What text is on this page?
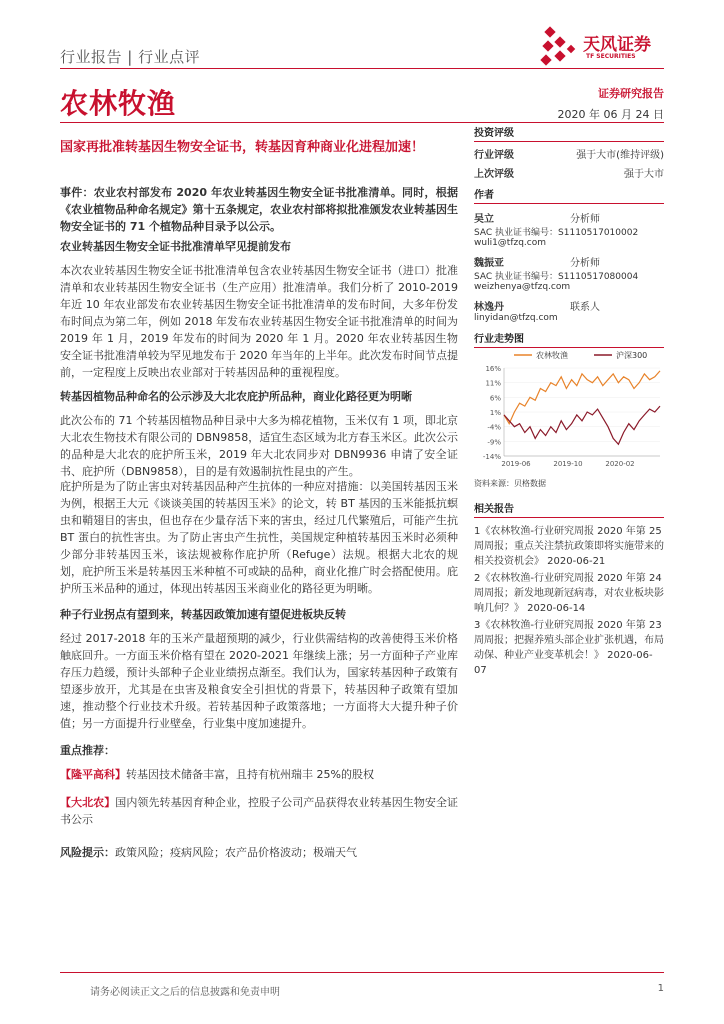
行业报告 | 行业点评
天风证券
TF SECURITIES
农林牧渔	证券研究报告
2020 年 06 月 24 日
国家再批准转基因生物安全证书，转基因育种商业化进程加速！

事件：农业农村部发布 2020 年农业转基因生物安全证书批准清单。同时，根据《农业植物品种命名规定》第十五条规定，农业农村部将拟批准颁发农业转基因生物安全证书的 71 个植物品种目录予以公示。

农业转基因生物安全证书批准清单罕见提前发布
本次农业转基因生物安全证书批准清单包含农业转基因生物安全证书（进口）批准清单和农业转基因生物安全证书（生产应用）批准清单。我们分析了 2010-2019 年近 10 年农业部发布农业转基因生物安全证书批准清单的发布时间，大多年份发布时间点为第二年，例如 2018 年发布农业转基因生物安全证书批准清单的时间为 2019 年 1 月，2019 年发布的时间为 2020 年 1 月。2020 年农业转基因生物安全证书批准清单较为罕见地发布于 2020 年当年的上半年。此次发布时间节点提前，一定程度上反映出农业部对于转基因品种的重视程度。
转基因植物品种命名的公示涉及大北农庇护所品种，商业化路径更为明晰
此次公布的 71 个转基因植物品种目录中大多为棉花植物，玉米仅有 1 项，即北京大北农生物技术有限公司的 DBN9858，适宜生态区域为北方春玉米区。此次公示的品种是大北农的庇护所玉米，2019 年大北农同步对 DBN9936 申请了安全证书、庇护所（DBN9858），目的是有效遏制抗性昆虫的产生。
庇护所是为了防止害虫对转基因品种产生抗体的一种应对措施：以美国转基因玉米为例，根据王大元《谈谈美国的转基因玉米》的论文，转 BT 基因的玉米能抵抗螟虫和鞘翅目的害虫，但也存在少量存活下来的害虫，经过几代繁殖后，可能产生抗 BT 蛋白的抗性害虫。为了防止害虫产生抗性，美国规定种植转基因玉米时必须种少部分非转基因玉米，该法规被称作庇护所（Refuge）法规。根据大北农的规划，庇护所玉米是转基因玉米种植不可或缺的品种，商业化推广时会搭配使用。庇护所玉米品种的通过，体现出转基因玉米商业化的路径更为明晰。
种子行业拐点有望到来，转基因政策加速有望促进板块反转
经过 2017-2018 年的玉米产量超预期的减少，行业供需结构的改善使得玉米价格触底回升。一方面玉米价格有望在 2020-2021 年继续上涨；另一方面种子产业库存压力趋缓，预计头部种子企业业绩拐点渐至。我们认为，国家转基因种子政策有望逐步放开，尤其是在虫害及粮食安全引担忧的背景下，转基因种子政策有望加速，推动整个行业技术升级。若转基因种子政策落地；一方面将大大提升种子价值；另一方面提升行业壁垒，行业集中度加速提升。
重点推荐：
【隆平高科】转基因技术储备丰富，且持有杭州瑞丰 25%的股权
【大北农】国内领先转基因育种企业，控股子公司产品获得农业转基因生物安全证书公示
风险提示：政策风险；疫病风险；农产品价格波动；极端天气
投资评级
行业评级	强于大市(维持评级)
上次评级	强于大市
作者
吴立	分析师
SAC 执业证书编号：S1110517010002
wuli1@tfzq.com
魏振亚	分析师
SAC 执业证书编号：S1110517080004
weizhenya@tfzq.com
林逸丹	联系人
linyidan@tfzq.com
行业走势图
农林牧渔	沪深300
16%
11%
6%
1%
-4%
-9%
-14%
2019-06	2019-10	2020-02
资料来源：贝格数据
相关报告
1《农林牧渔-行业研究周报 2020 年第 25 周周报；重点关注禁抗政策即将实施带来的相关投资机会》 2020-06-21
2《农林牧渔-行业研究周报 2020 年第 24 周周报；新发地现新冠病毒，对农业板块影响几何？》 2020-06-14
3《农林牧渔-行业研究周报 2020 年第 23 周周报；把握养殖头部企业扩张机遇，布局动保、种业产业变革机会！》 2020-06-07
请务必阅读正文之后的信息披露和免责申明	1
